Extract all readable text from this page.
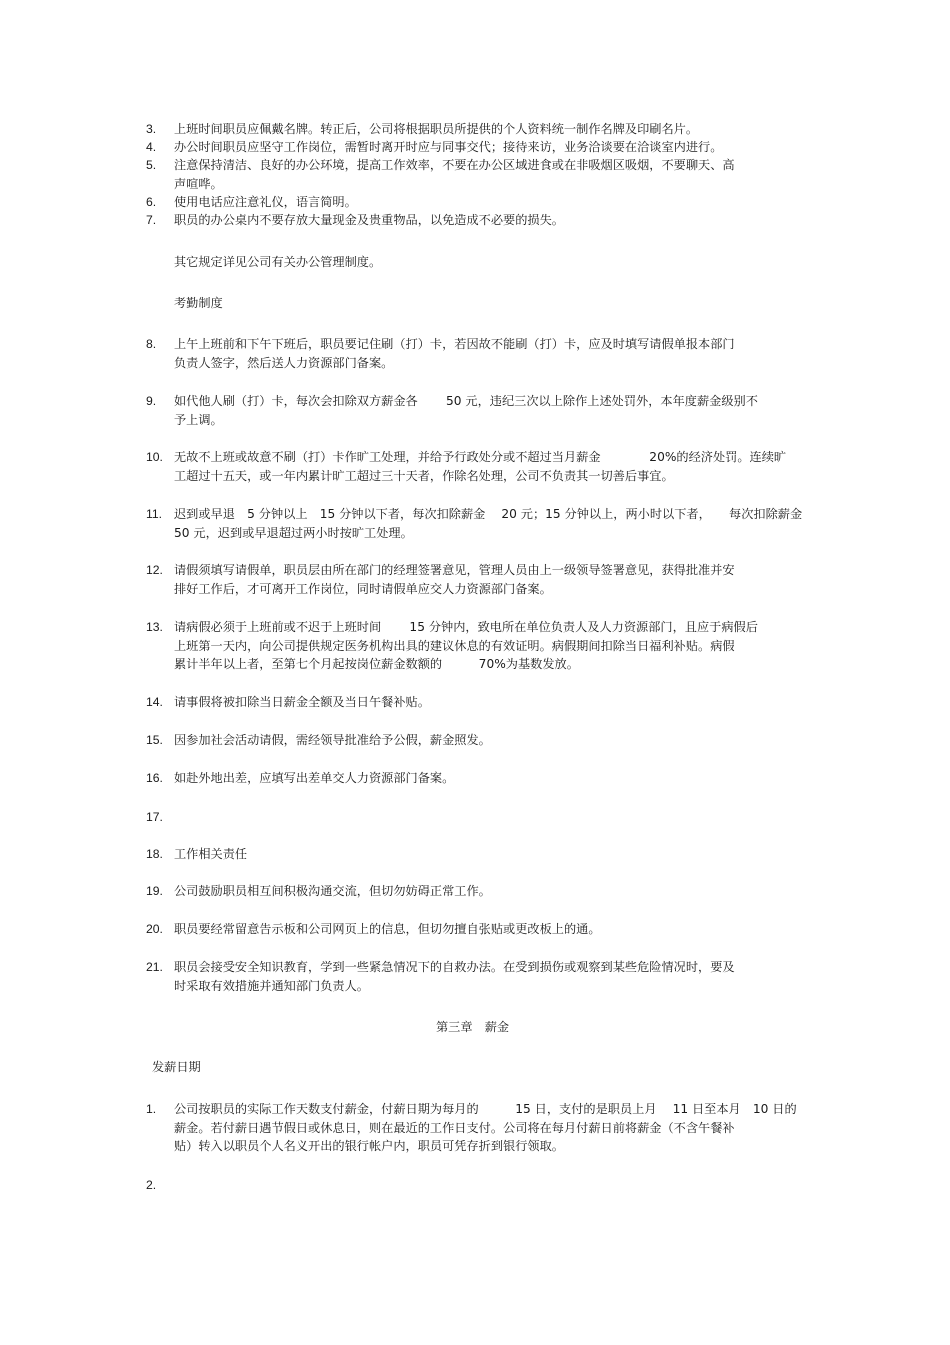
3.	上班时间职员应佩戴名牌。转正后，公司将根据职员所提供的个人资料统一制作名牌及印刷名片。
4.	办公时间职员应坚守工作岗位，需暂时离开时应与同事交代；接待来访，业务洽谈要在洽谈室内进行。
5.	注意保持清洁、良好的办公环境，提高工作效率，不要在办公区域进食或在非吸烟区吸烟，不要聊天、高
声喧哗。
6.	使用电话应注意礼仪，语言简明。
7.	职员的办公桌内不要存放大量现金及贵重物品，以免造成不必要的损失。
其它规定详见公司有关办公管理制度。
考勤制度
8.	上午上班前和下午下班后，职员要记住刷（打）卡，若因故不能刷（打）卡，应及时填写请假单报本部门
负责人签字，然后送人力资源部门备案。
9.	如代他人刷（打）卡，每次会扣除双方薪金各　　 50 元，违纪三次以上除作上述处罚外，本年度薪金级别不
予上调。
10. 无故不上班或故意不刷（打）卡作旷工处理，并给予行政处分或不超过当月薪金　　　　20%的经济处罚。连续旷
工超过十五天，或一年内累计旷工超过三十天者，作除名处理，公司不负责其一切善后事宜。
11. 迟到或早退　5 分钟以上　15 分钟以下者，每次扣除薪金　 20 元；15 分钟以上，两小时以下者，　　每次扣除薪金
50 元，迟到或早退超过两小时按旷工处理。
12. 请假须填写请假单，职员层由所在部门的经理签署意见，管理人员由上一级领导签署意见，获得批准并安
排好工作后，才可离开工作岗位，同时请假单应交人力资源部门备案。
13. 请病假必须于上班前或不迟于上班时间　　 15 分钟内，致电所在单位负责人及人力资源部门，且应于病假后
上班第一天内，向公司提供规定医务机构出具的建议休息的有效证明。病假期间扣除当日福利补贴。病假
累计半年以上者，至第七个月起按岗位薪金数额的　　　70%为基数发放。
14. 请事假将被扣除当日薪金全额及当日午餐补贴。
15. 因参加社会活动请假，需经领导批准给予公假，薪金照发。
16. 如赴外地出差，应填写出差单交人力资源部门备案。
17.
18. 工作相关责任
19. 公司鼓励职员相互间积极沟通交流，但切勿妨碍正常工作。
20. 职员要经常留意告示板和公司网页上的信息，但切勿擅自张贴或更改板上的通。
21. 职员会接受安全知识教育，学到一些紧急情况下的自救办法。在受到损伤或观察到某些危险情况时，要及
时采取有效措施并通知部门负责人。
第三章　薪金
发薪日期
1.	公司按职员的实际工作天数支付薪金，付薪日期为每月的　　　15 日，支付的是职员上月　 11 日至本月　10 日的
薪金。若付薪日遇节假日或休息日，则在最近的工作日支付。公司将在每月付薪日前将薪金（不含午餐补
贴）转入以职员个人名义开出的银行帐户内，职员可凭存折到银行领取。
2.
